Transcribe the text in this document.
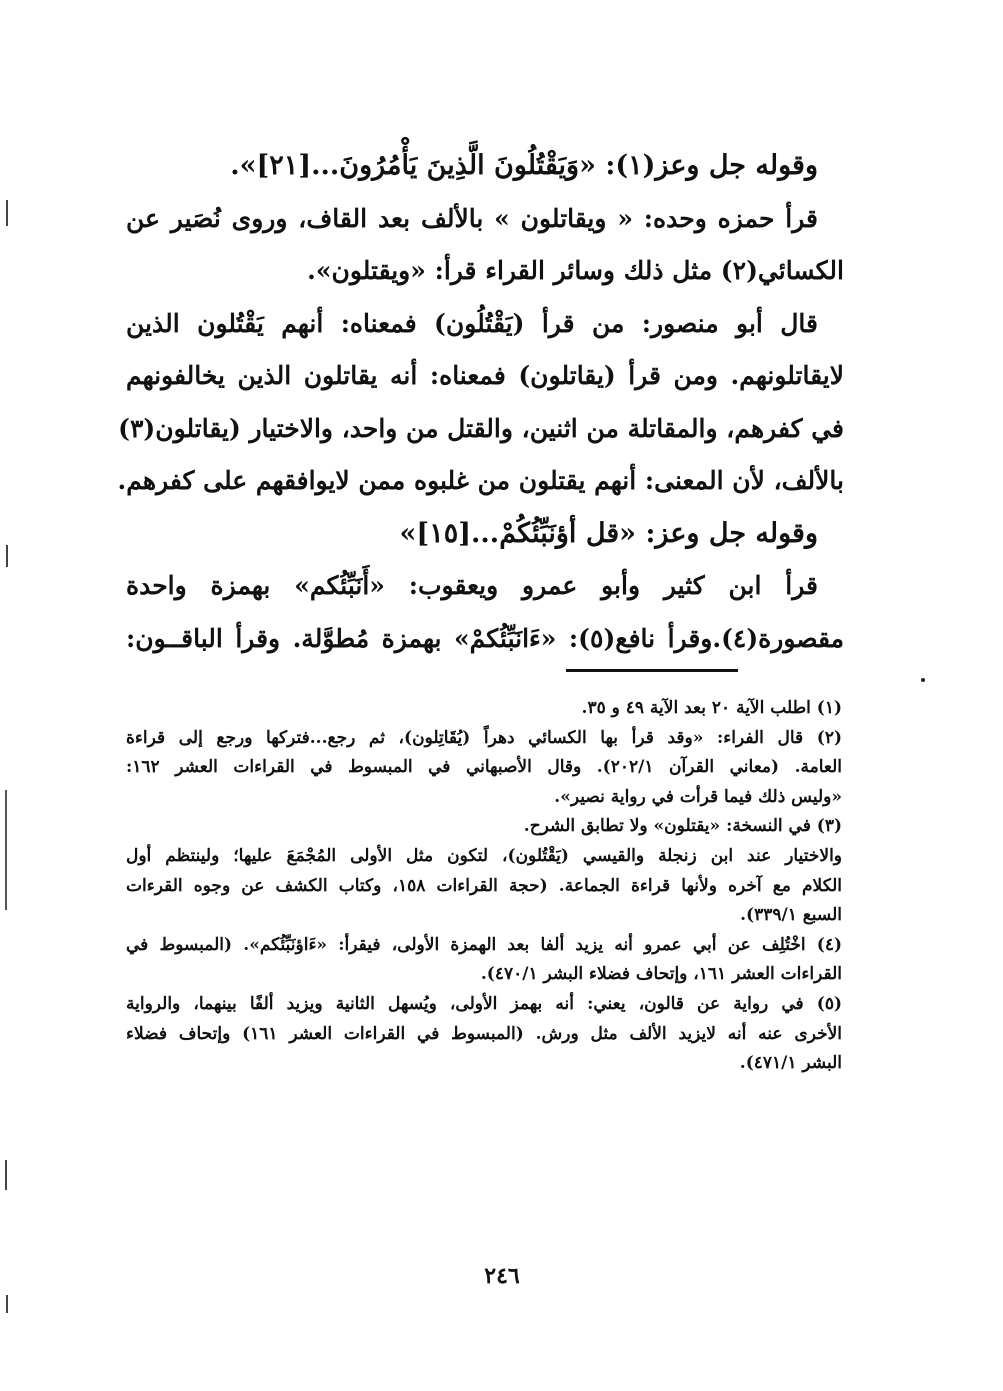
وقوله جل وعز(١): «وَيَقْتُلُونَ الَّذِينَ يَأْمُرُونَ...[٢١]».
قرأ حمزه وحده: « ويقاتلون » بالألف بعد القاف، وروى نُصَير عن
الكسائي(٢) مثل ذلك وسائر القراء قرأ: «ويقتلون».
قال أبو منصور: من قرأ (يَقْتُلُون) فمعناه: أنهم يَقْتُلون الذين
لايقاتلونهم. ومن قرأ (يقاتلون) فمعناه: أنه يقاتلون الذين يخالفونهم
في كفرهم، والمقاتلة من اثنين، والقتل من واحد، والاختيار (يقاتلون(٣)
بالألف، لأن المعنى: أنهم يقتلون من غلبوه ممن لايوافقهم على كفرهم.
وقوله جل وعز: «قل أؤنَبِّئُكُمْ...[١٥]»
قرأ ابن كثير وأبو عمرو ويعقوب: «أَنَبِّئُكم» بهمزة واحدة
مقصورة(٤).وقرأ نافع(٥): «ءَانَبِّئُكمْ» بهمزة مُطوَّلة. وقرأ الباقــون:
(١) اطلب الآية ٢٠ بعد الآية ٤٩ و ٣٥.
(٢) قال الفراء: «وقد قرأ بها الكسائي دهراً (يُقَاتِلون)، ثم رجع...فتركها ورجع إلى قراءة
العامة. (معاني القرآن ٢٠٢/١). وقال الأصبهاني في المبسوط في القراءات العشر ١٦٢:
«وليس ذلك فيما قرأت في رواية نصير».
(٣) في النسخة: «يقتلون» ولا تطابق الشرح.
والاختيار عند ابن زنجلة والقيسي (يَقْتُلون)، لتكون مثل الأولى المُجْمَعَ عليها؛ ولينتظم أول
الكلام مع آخره ولأنها قراءة الجماعة. (حجة القراءات ١٥٨، وكتاب الكشف عن وجوه القرءات
السبع ٣٣٩/١).
(٤) اخْتُلِف عن أبي عمرو أنه يزيد ألفا بعد الهمزة الأولى، فيقرأ: «ءَاؤنَبِّئُكم». (المبسوط في
القراءات العشر ١٦١، وإتحاف فضلاء البشر ٤٧٠/١).
(٥) في رواية عن قالون، يعني: أنه بهمز الأولى، ويُسهل الثانية ويزيد ألفًا بينهما، والرواية
الأخرى عنه أنه لايزيد الألف مثل ورش. (المبسوط في القراءات العشر ١٦١) وإتحاف فضلاء
البشر ٤٧١/١).
٢٤٦
